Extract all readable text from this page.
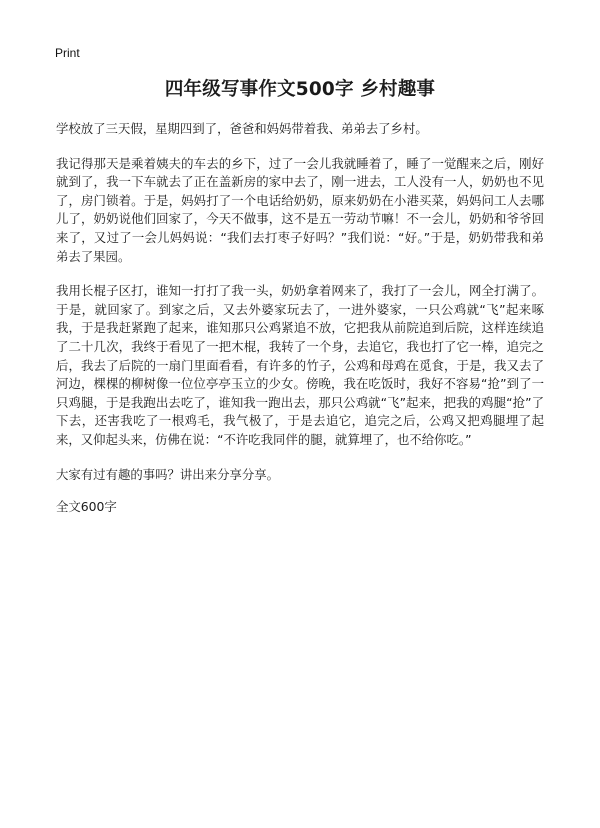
Print
四年级写事作文500字 乡村趣事

学校放了三天假，星期四到了，爸爸和妈妈带着我、弟弟去了乡村。

我记得那天是乘着姨夫的车去的乡下，过了一会儿我就睡着了，睡了一觉醒来之后，刚好就到了，我一下车就去了正在盖新房的家中去了，刚一进去，工人没有一人，奶奶也不见了，房门锁着。于是，妈妈打了一个电话给奶奶，原来奶奶在小港买菜，妈妈问工人去哪儿了，奶奶说他们回家了，今天不做事，这不是五一劳动节嘛！不一会儿，奶奶和爷爷回来了，又过了一会儿妈妈说：“我们去打枣子好吗？”我们说：“好。”于是，奶奶带我和弟弟去了果园。

我用长棍子区打，谁知一打打了我一头，奶奶拿着网来了，我打了一会儿，网全打满了。于是，就回家了。到家之后，又去外婆家玩去了，一进外婆家，一只公鸡就“飞”起来啄我，于是我赶紧跑了起来，谁知那只公鸡紧追不放，它把我从前院追到后院，这样连续追了二十几次，我终于看见了一把木棍，我转了一个身，去追它，我也打了它一棒，追完之后，我去了后院的一扇门里面看看，有许多的竹子，公鸡和母鸡在觅食，于是，我又去了河边，棵棵的柳树像一位位亭亭玉立的少女。傍晚，我在吃饭时，我好不容易“抢”到了一只鸡腿，于是我跑出去吃了，谁知我一跑出去，那只公鸡就“飞”起来，把我的鸡腿“抢”了下去，还害我吃了一根鸡毛，我气极了，于是去追它，追完之后，公鸡又把鸡腿埋了起来，又仰起头来，仿佛在说：“不许吃我同伴的腿，就算埋了，也不给你吃。”

大家有过有趣的事吗？讲出来分享分享。

全文600字
